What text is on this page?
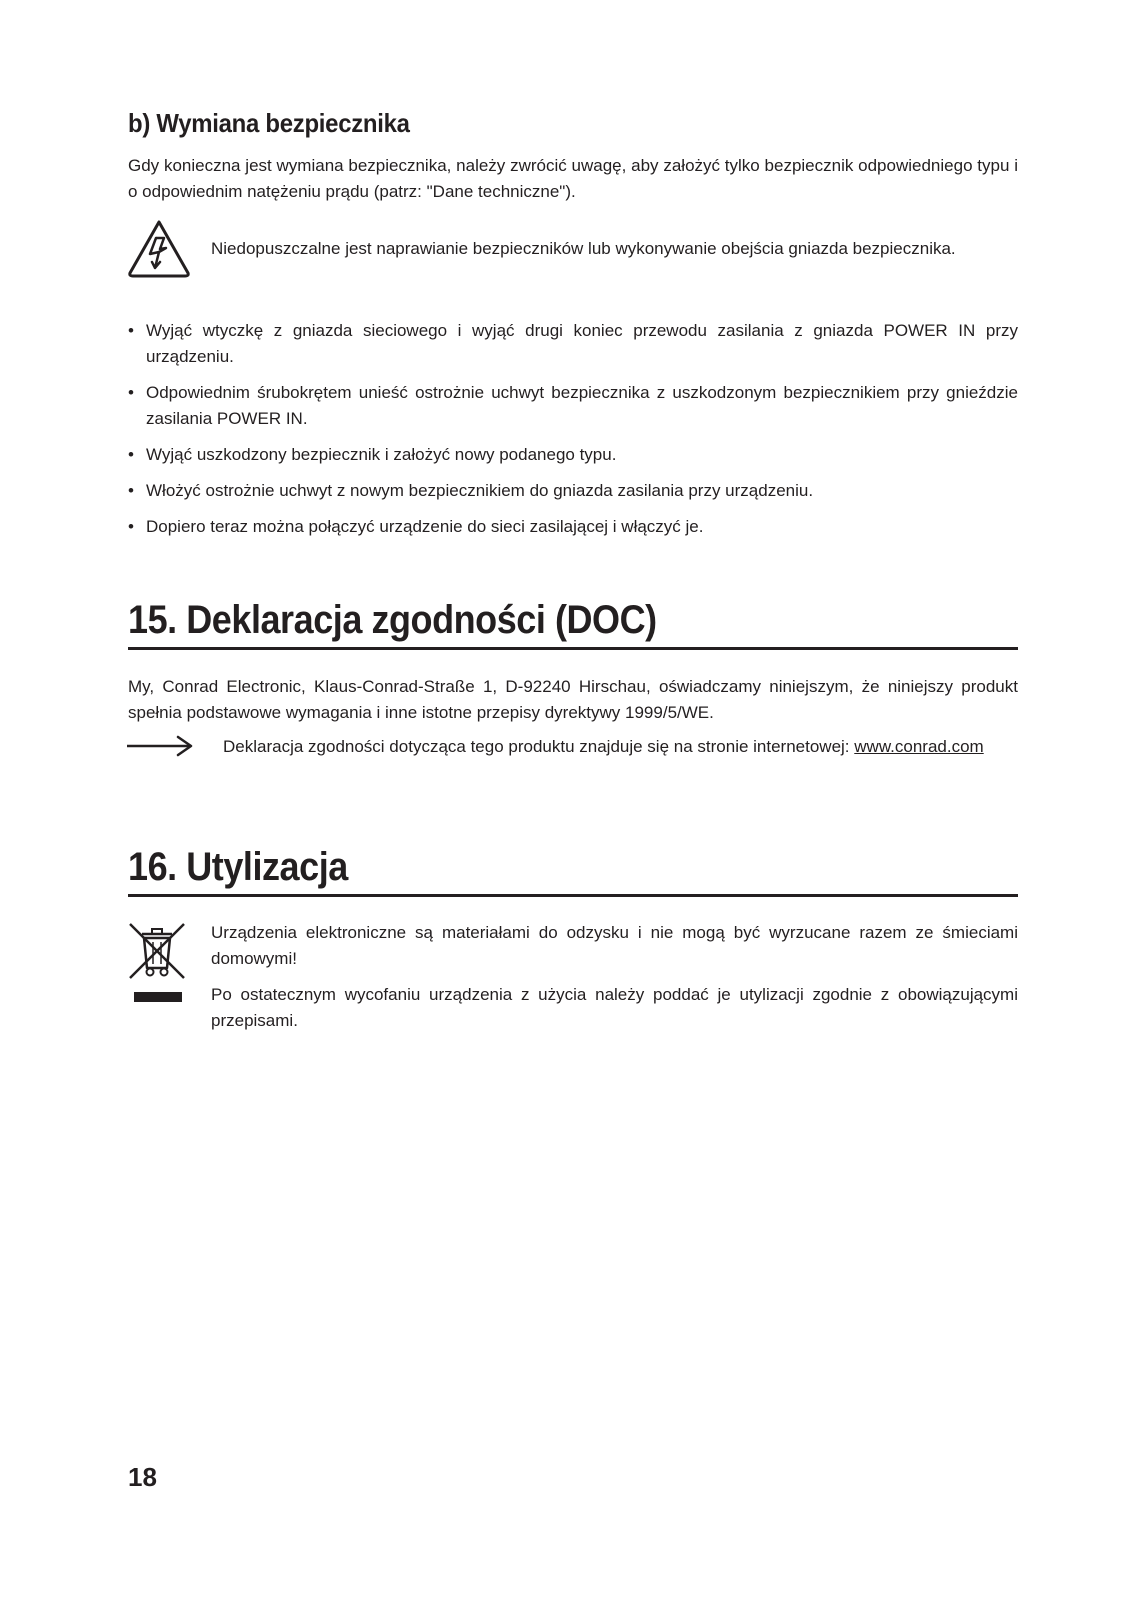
b) Wymiana bezpiecznika
Gdy konieczna jest wymiana bezpiecznika, należy zwrócić uwagę, aby założyć tylko bezpiecznik odpowiedniego typu i o odpowiednim natężeniu prądu (patrz: "Dane techniczne").
Niedopuszczalne jest naprawianie bezpieczników lub wykonywanie obejścia gniazda bezpiecznika.
• Wyjąć wtyczkę z gniazda sieciowego i wyjąć drugi koniec przewodu zasilania z gniazda POWER IN przy urządzeniu.
• Odpowiednim śrubokrętem unieść ostrożnie uchwyt bezpiecznika z uszkodzonym bezpiecznikiem przy gnieździe zasilania POWER IN.
• Wyjąć uszkodzony bezpiecznik i założyć nowy podanego typu.
• Włożyć ostrożnie uchwyt z nowym bezpiecznikiem do gniazda zasilania przy urządzeniu.
• Dopiero teraz można połączyć urządzenie do sieci zasilającej i włączyć je.
15. Deklaracja zgodności (DOC)
My, Conrad Electronic, Klaus-Conrad-Straße 1, D-92240 Hirschau, oświadczamy niniejszym, że niniejszy produkt spełnia podstawowe wymagania i inne istotne przepisy dyrektywy 1999/5/WE.
Deklaracja zgodności dotycząca tego produktu znajduje się na stronie internetowej: www.conrad.com
16. Utylizacja
Urządzenia elektroniczne są materiałami do odzysku i nie mogą być wyrzucane razem ze śmieciami domowymi!
Po ostatecznym wycofaniu urządzenia z użycia należy poddać je utylizacji zgodnie z obowiązującymi przepisami.
18
